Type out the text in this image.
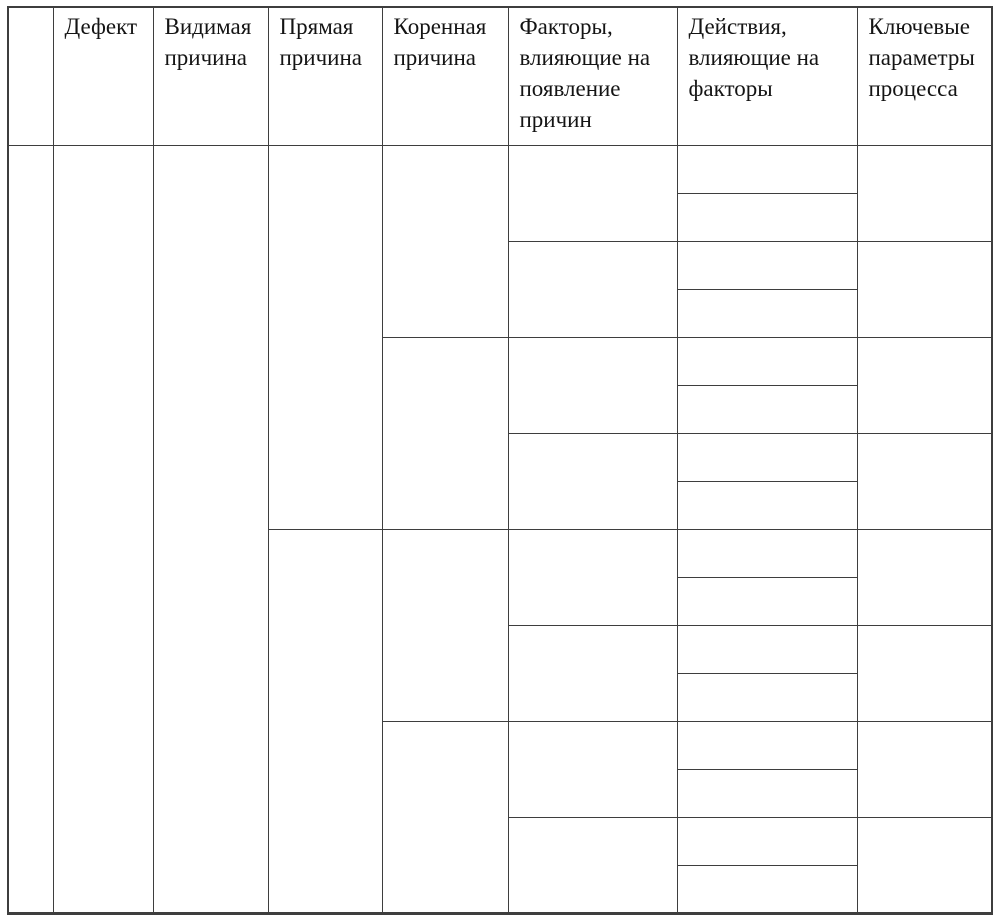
	Дефект	Видимая причина	Прямая причина	Коренная причина	Факторы, влияющие на появление причин	Действия, влияющие на факторы	Ключевые параметры процесса
